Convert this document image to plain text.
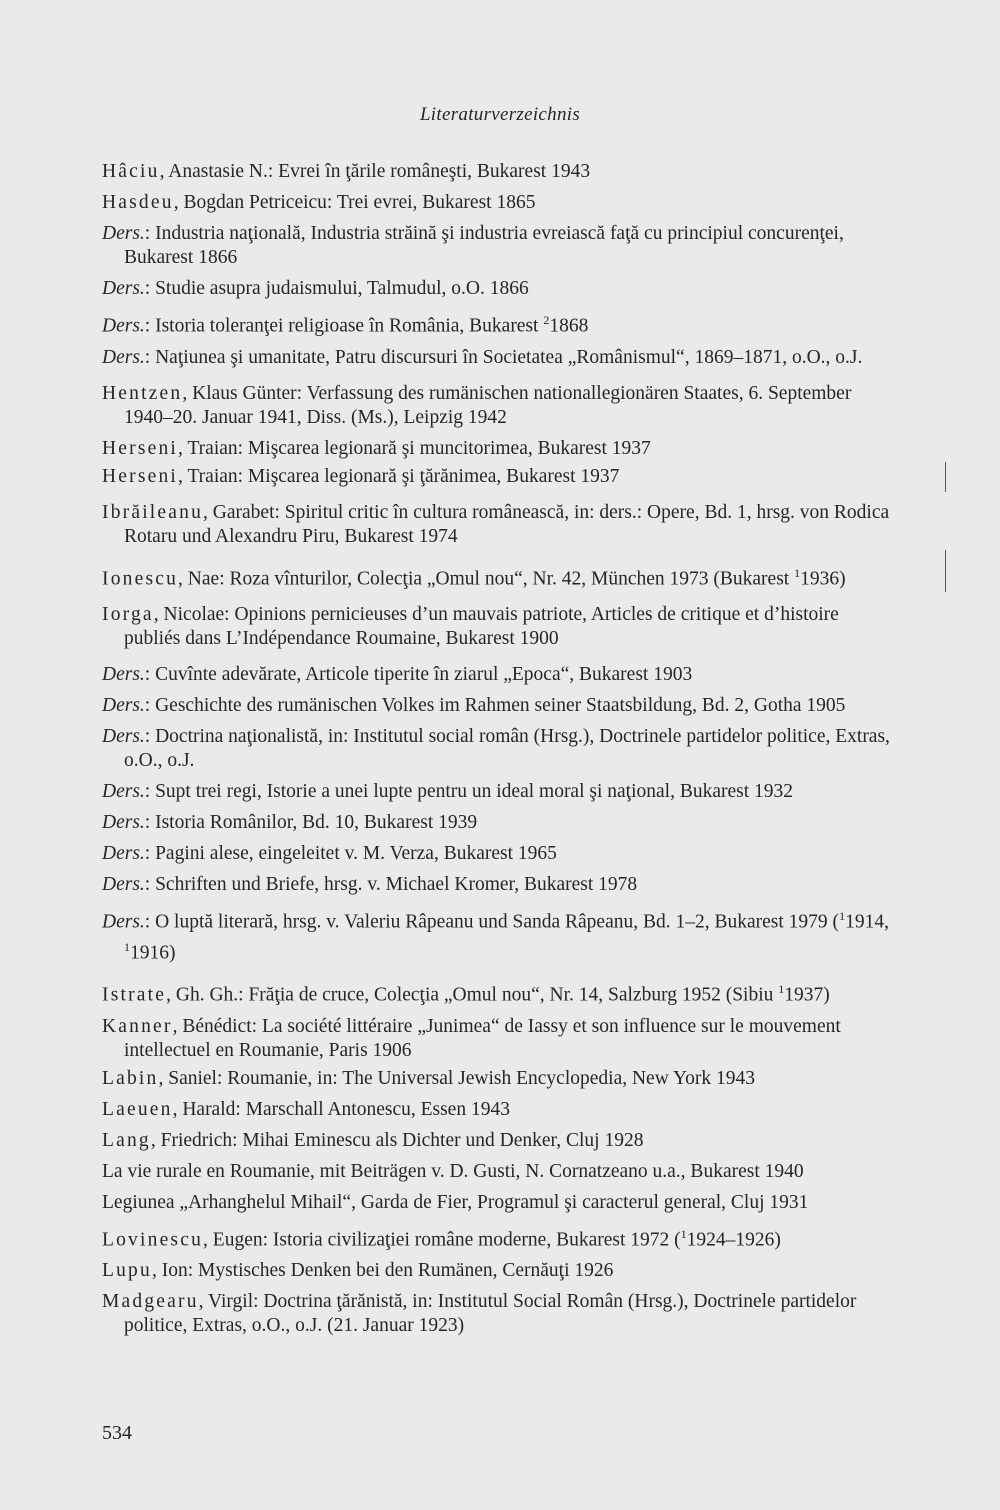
Literaturverzeichnis
Hâciu, Anastasie N.: Evrei în ţările româneşti, Bukarest 1943
Hasdeu, Bogdan Petriceicu: Trei evrei, Bukarest 1865
Ders.: Industria naţională, Industria străină şi industria evreiască faţă cu principiul concurenţei, Bukarest 1866
Ders.: Studie asupra judaismului, Talmudul, o.O. 1866
Ders.: Istoria toleranţei religioase în România, Bukarest $^2$1868
Ders.: Naţiunea şi umanitate, Patru discursuri în Societatea „Românismul“, 1869–1871, o.O., o.J.
Hentzen, Klaus Günter: Verfassung des rumänischen nationallegionären Staates, 6. September 1940–20. Januar 1941, Diss. (Ms.), Leipzig 1942
Herseni, Traian: Mişcarea legionară şi muncitorimea, Bukarest 1937
Herseni, Traian: Mişcarea legionară şi ţărănimea, Bukarest 1937
Ibrăileanu, Garabet: Spiritul critic în cultura românească, in: ders.: Opere, Bd. 1, hrsg. von Rodica Rotaru und Alexandru Piru, Bukarest 1974
Ionescu, Nae: Roza vînturilor, Colecţia „Omul nou“, Nr. 42, München 1973 (Bukarest $^1$1936)
Iorga, Nicolae: Opinions pernicieuses d’un mauvais patriote, Articles de critique et d’histoire publiés dans L’Indépendance Roumaine, Bukarest 1900
Ders.: Cuvînte adevărate, Articole tiperite în ziarul „Epoca“, Bukarest 1903
Ders.: Geschichte des rumänischen Volkes im Rahmen seiner Staatsbildung, Bd. 2, Gotha 1905
Ders.: Doctrina naţionalistă, in: Institutul social român (Hrsg.), Doctrinele partidelor politice, Extras, o.O., o.J.
Ders.: Supt trei regi, Istorie a unei lupte pentru un ideal moral şi naţional, Bukarest 1932
Ders.: Istoria Românilor, Bd. 10, Bukarest 1939
Ders.: Pagini alese, eingeleitet v. M. Verza, Bukarest 1965
Ders.: Schriften und Briefe, hrsg. v. Michael Kromer, Bukarest 1978
Ders.: O luptă literară, hrsg. v. Valeriu Râpeanu und Sanda Râpeanu, Bd. 1–2, Bukarest 1979 ($^1$1914, $^1$1916)
Istrate, Gh. Gh.: Frăţia de cruce, Colecţia „Omul nou“, Nr. 14, Salzburg 1952 (Sibiu $^1$1937)
Kanner, Bénédict: La société littéraire „Junimea“ de Iassy et son influence sur le mouvement intellectuel en Roumanie, Paris 1906
Labin, Saniel: Roumanie, in: The Universal Jewish Encyclopedia, New York 1943
Laeuen, Harald: Marschall Antonescu, Essen 1943
Lang, Friedrich: Mihai Eminescu als Dichter und Denker, Cluj 1928
La vie rurale en Roumanie, mit Beiträgen v. D. Gusti, N. Cornatzeano u.a., Bukarest 1940
Legiunea „Arhanghelul Mihail“, Garda de Fier, Programul şi caracterul general, Cluj 1931
Lovinescu, Eugen: Istoria civilizaţiei române moderne, Bukarest 1972 ($^1$1924–1926)
Lupu, Ion: Mystisches Denken bei den Rumänen, Cernăuţi 1926
Madgearu, Virgil: Doctrina ţărănistă, in: Institutul Social Român (Hrsg.), Doctrinele partidelor politice, Extras, o.O., o.J. (21. Januar 1923)
534
